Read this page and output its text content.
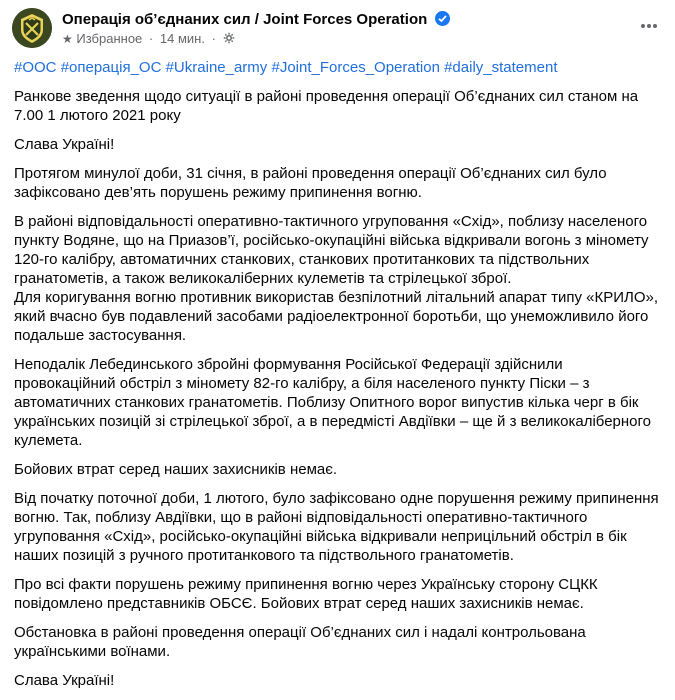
Операція об’єднаних сил / Joint Forces Operation
★ Избранное · 14 мин. ·

#ООС #операція_ОС #Ukraine_army #Joint_Forces_Operation #daily_statement

Ранкове зведення щодо ситуації в районі проведення операції Об’єднаних сил станом на 7.00 1 лютого 2021 року

Слава Україні!

Протягом минулої доби, 31 січня, в районі проведення операції Об’єднаних сил було зафіксовано дев’ять порушень режиму припинення вогню.

В районі відповідальності оперативно-тактичного угруповання «Схід», поблизу населеного пункту Водяне, що на Приазов’ї, російсько-окупаційні війська відкривали вогонь з мінометy 120-го калібру, автоматичних станкових, станкових протитанкових та підствольних гранатометів, а також великокаліберних кулеметів та стрілецької зброї.
Для коригування вогню противник використав безпілотний літальний апарат типу «КРИЛО», який вчасно був подавлений засобами радіоелектронної боротьби, що унеможливило його подальше застосування.

Неподалік Лебединського збройні формування Російської Федерації здійснили провокаційний обстріл з мінометy 82-го калібру, а біля населеного пункту Піски – з автоматичних станкових гранатометів. Поблизу Опитного ворог випустив кілька черг в бік українських позицій зі стрілецької зброї, а в передмісті Авдіївки – ще й з великокаліберного кулемета.

Бойових втрат серед наших захисників немає.

Від початку поточної доби, 1 лютого, було зафіксовано одне порушення режиму припинення вогню. Так, поблизу Авдіївки, що в районі відповідальності оперативно-тактичного угруповання «Схід», російсько-окупаційні війська відкривали неприцільний обстріл в бік наших позицій з ручного протитанкового та підствольного гранатометів.

Про всі факти порушень режиму припинення вогню через Українську сторону СЦКК повідомлено представників ОБСЄ. Бойових втрат серед наших захисників немає.

Обстановка в районі проведення операції Об’єднаних сил і надалі контрольована українськими воїнами.

Слава Україні!
